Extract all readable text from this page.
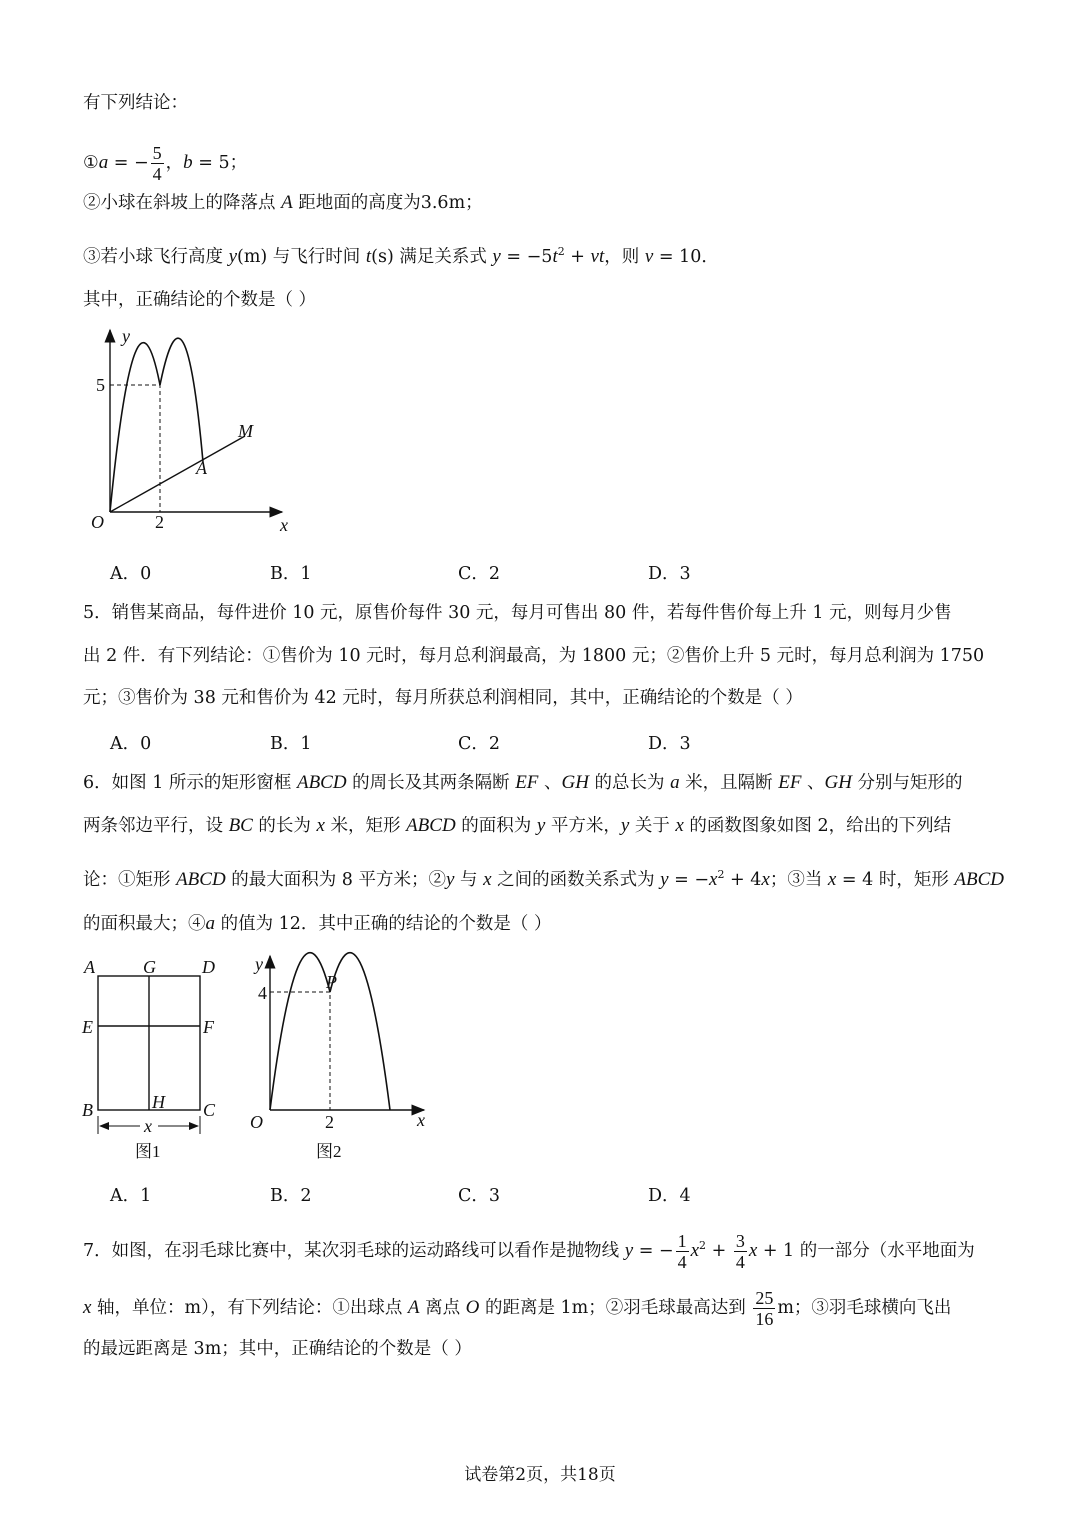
有下列结论：
①a = − $\frac{5}{4}$ ，b = 5；
②小球在斜坡上的降落点 A 距地面的高度为3.6m；
③若小球飞行高度 y(m) 与飞行时间 t(s) 满足关系式 $y = -5t^2$ + vt，则 v = 10．
其中，正确结论的个数是（ ）
y
5
M
A
O	2	x
A	G	D
E	F
B	H C
x
图1
y
4
P
O	2	x
图2
A．0	B．1	C．2	D．3
5．销售某商品，每件进价 10 元，原售价每件 30 元，每月可售出 80 件，若每件售价每上升 1 元，则每月少售
出 2 件．有下列结论：①售价为 10 元时，每月总利润最高，为 1800 元；②售价上升 5 元时，每月总利润为 1750
元；③售价为 38 元和售价为 42 元时，每月所获总利润相同，其中，正确结论的个数是（ ）
A．0	B．1	C．2	D．3
6．如图 1 所示的矩形窗框 ABCD 的周长及其两条隔断 EF 、GH 的总长为 a 米，且隔断 EF 、GH 分别与矩形的
两条邻边平行，设 BC 的长为 x 米，矩形 ABCD 的面积为 y 平方米，y 关于 x 的函数图象如图 2，给出的下列结
论：①矩形 ABCD 的最大面积为 8 平方米；②y 与 x 之间的函数关系式为 $y = -x^2 + 4x$；③当 x = 4 时，矩形 ABCD
的面积最大；④a 的值为 12．其中正确的结论的个数是（ ）
A．1	B．2	C．3	D．4
7．如图，在羽毛球比赛中，某次羽毛球的运动路线可以看作是抛物线 y = − $\frac{1}{4} x^2 + \frac{3}{4}$ x + 1 的一部分（水平地面为
x 轴，单位：m），有下列结论：①出球点 A 离点 O 的距离是 1m；②羽毛球最高达到 $\frac{25}{16}$ m；③羽毛球横向飞出
的最远距离是 3m；其中，正确结论的个数是（ ）
试卷第2页，共18页
